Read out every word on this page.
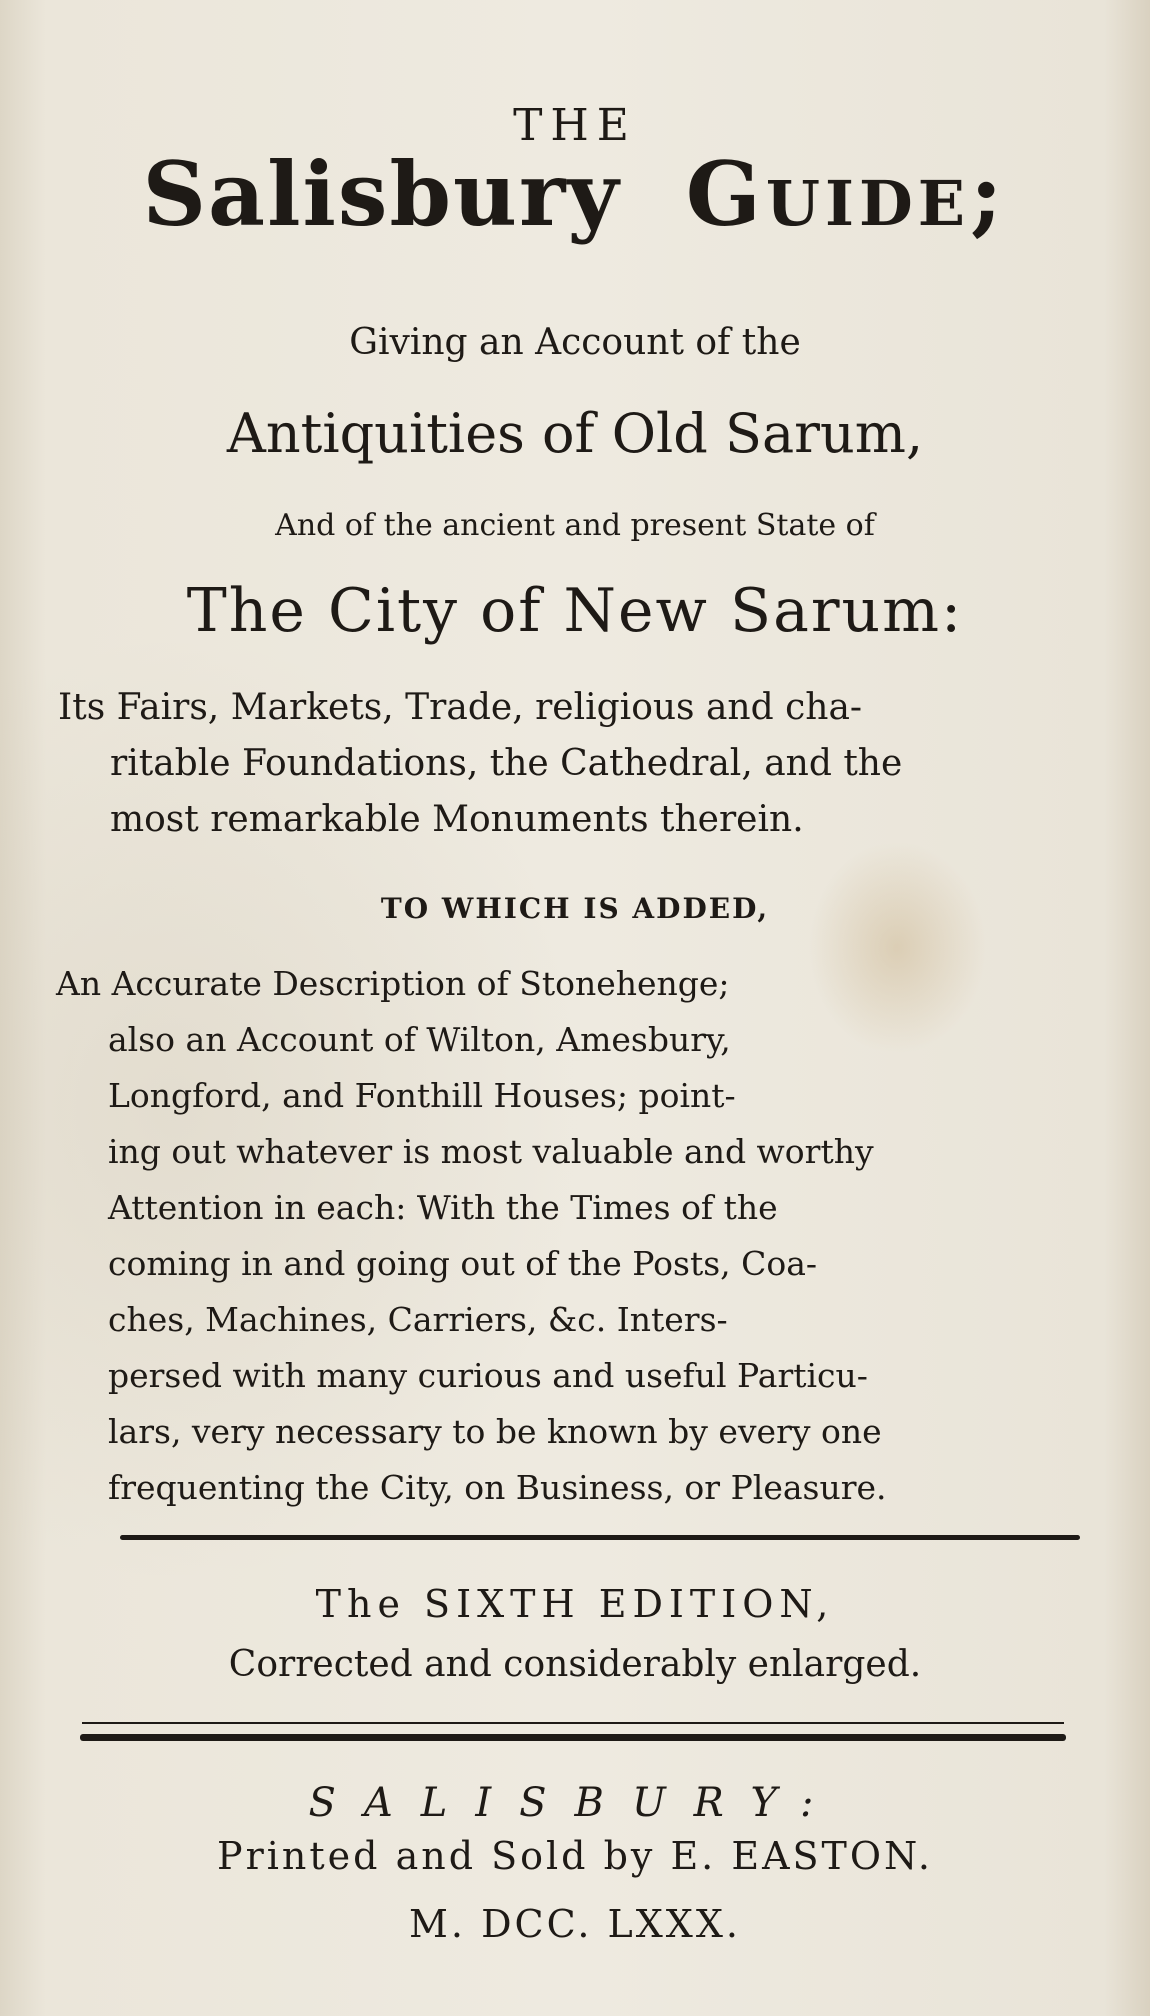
THE

Salisbury Guide;

Giving an Account of the

Antiquities of Old Sarum,

And of the ancient and present State of

The City of New Sarum:

Its Fairs, Markets, Trade, religious and cha-
ritable Foundations, the Cathedral, and the
most remarkable Monuments therein.

TO WHICH IS ADDED,

An Accurate Description of Stonehenge;
also an Account of Wilton, Amesbury,
Longford, and Fonthill Houses; point-
ing out whatever is most valuable and worthy
Attention in each: With the Times of the
coming in and going out of the Posts, Coa-
ches, Machines, Carriers, &c. Inters-
persed with many curious and useful Particu-
lars, very necessary to be known by every one
frequenting the City, on Business, or Pleasure.

The SIXTH EDITION,

Corrected and considerably enlarged.

SALISBURY:

Printed and Sold by E. EASTON.

M. DCC. LXXX.
